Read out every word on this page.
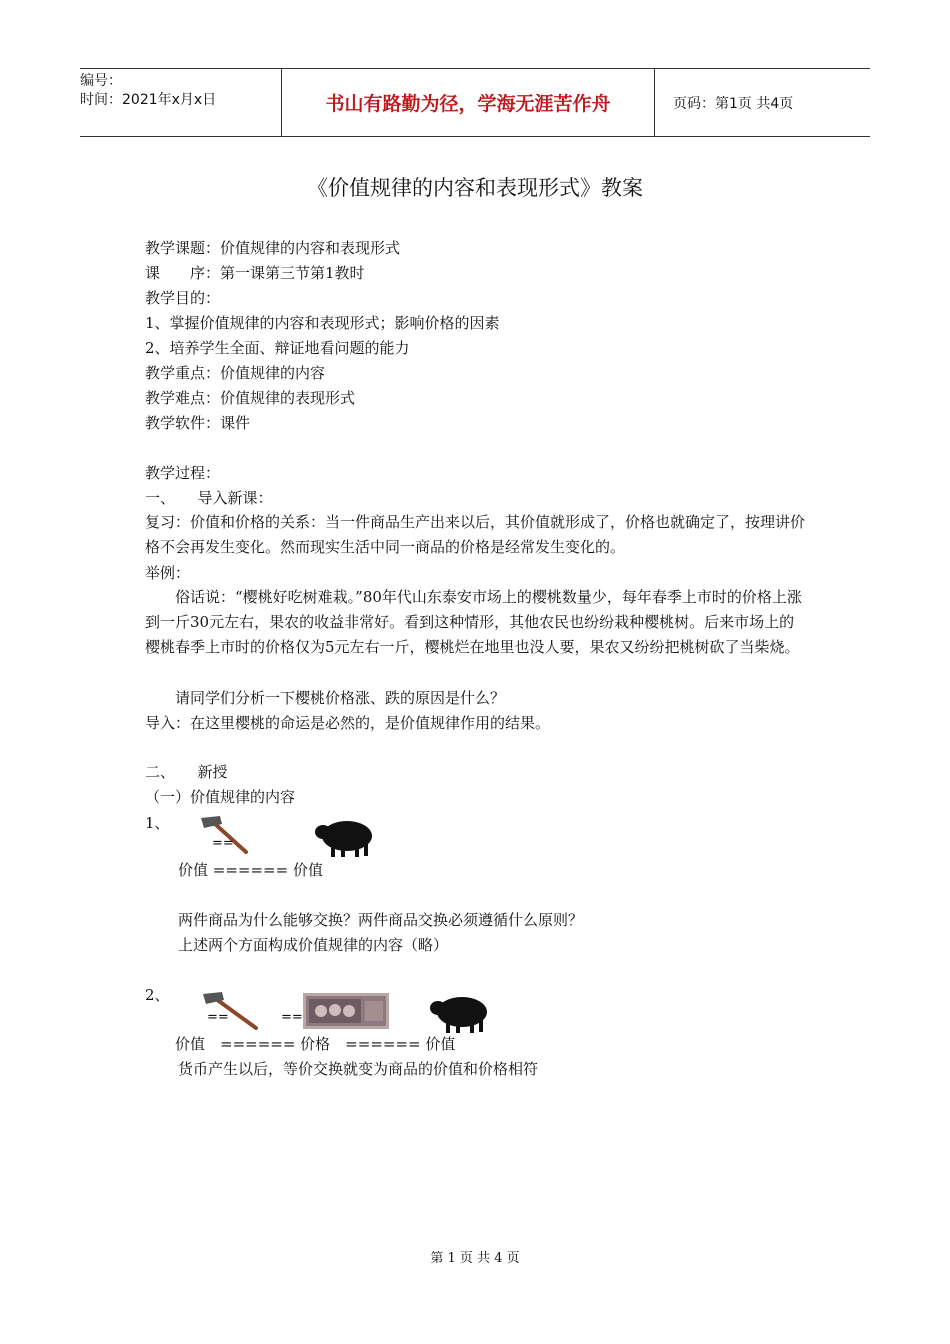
编号：
时间：2021年x月x日	书山有路勤为径，学海无涯苦作舟	页码：第1页 共4页
《价值规律的内容和表现形式》教案
教学课题：价值规律的内容和表现形式
课　　序：第一课第三节第1教时
教学目的：
1、掌握价值规律的内容和表现形式；影响价格的因素
2、培养学生全面、辩证地看问题的能力
教学重点：价值规律的内容
教学难点：价值规律的表现形式
教学软件：课件
教学过程：
一、　　导入新课：
复习：价值和价格的关系：当一件商品生产出来以后，其价值就形成了，价格也就确定了，按理讲价格不会再发生变化。然而现实生活中同一商品的价格是经常发生变化的。
举例：
俗话说：“樱桃好吃树难栽。”80年代山东泰安市场上的樱桃数量少，每年春季上市时的价格上涨到一斤30元左右，果农的收益非常好。看到这种情形，其他农民也纷纷栽种樱桃树。后来市场上的樱桃春季上市时的价格仅为5元左右一斤，樱桃烂在地里也没人要，果农又纷纷把桃树砍了当柴烧。
请同学们分析一下樱桃价格涨、跌的原因是什么？
导入：在这里樱桃的命运是必然的，是价值规律作用的结果。
二、　　新授
（一）价值规律的内容
1、
==
价值 ====== 价值
两件商品为什么能够交换？两件商品交换必须遵循什么原则？
上述两个方面构成价值规律的内容（略）
2、
==	==
价值　====== 价格　====== 价值
货币产生以后，等价交换就变为商品的价值和价格相符
第 1 页 共 4 页
